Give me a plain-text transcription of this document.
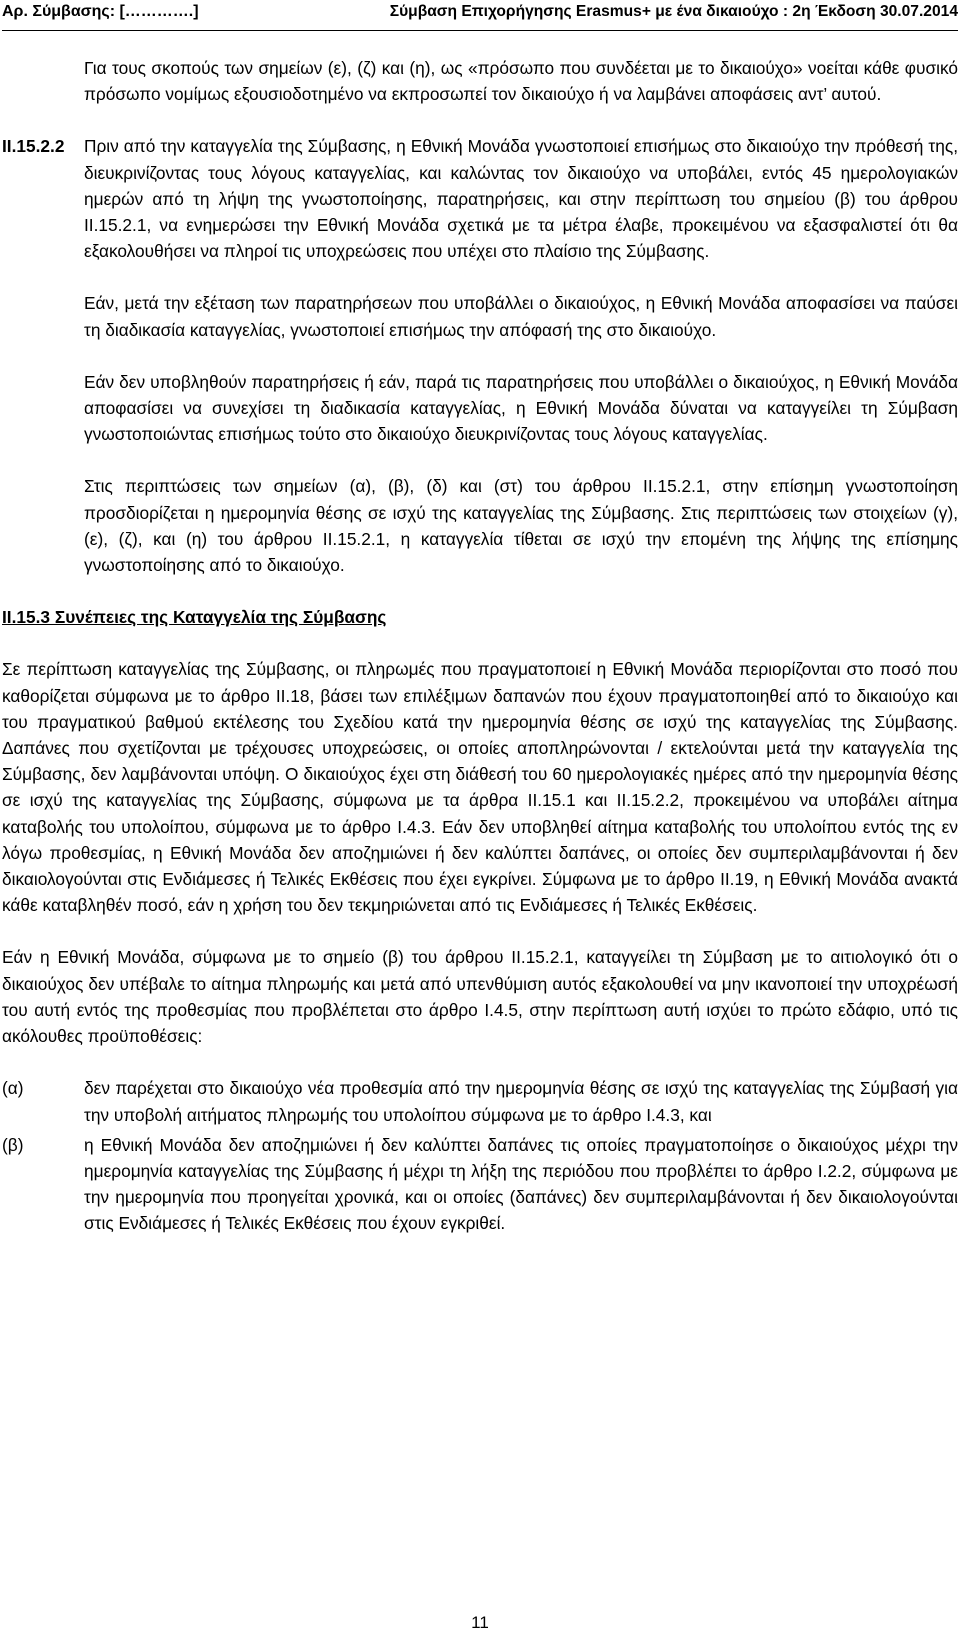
Αρ. Σύμβασης: [………….]	Σύμβαση Επιχορήγησης Erasmus+ με ένα δικαιούχο : 2η Έκδοση 30.07.2014

Για τους σκοπούς των σημείων (ε), (ζ) και (η), ως «πρόσωπο που συνδέεται με το δικαιούχο» νοείται κάθε φυσικό πρόσωπο νομίμως εξουσιοδοτημένο να εκπροσωπεί τον δικαιούχο ή να λαμβάνει αποφάσεις αντ’ αυτού.

II.15.2.2 Πριν από την καταγγελία της Σύμβασης, η Εθνική Μονάδα γνωστοποιεί επισήμως στο δικαιούχο την πρόθεσή της, διευκρινίζοντας τους λόγους καταγγελίας, και καλώντας τον δικαιούχο να υποβάλει, εντός 45 ημερολογιακών ημερών από τη λήψη της γνωστοποίησης, παρατηρήσεις, και στην περίπτωση του σημείου (β) του άρθρου II.15.2.1, να ενημερώσει την Εθνική Μονάδα σχετικά με τα μέτρα έλαβε, προκειμένου να εξασφαλιστεί ότι θα εξακολουθήσει να πληροί τις υποχρεώσεις που υπέχει στο πλαίσιο της Σύμβασης.

Εάν, μετά την εξέταση των παρατηρήσεων που υποβάλλει ο δικαιούχος, η Εθνική Μονάδα αποφασίσει να παύσει τη διαδικασία καταγγελίας, γνωστοποιεί επισήμως την απόφασή της στο δικαιούχο.

Εάν δεν υποβληθούν παρατηρήσεις ή εάν, παρά τις παρατηρήσεις που υποβάλλει ο δικαιούχος, η Εθνική Μονάδα αποφασίσει να συνεχίσει τη διαδικασία καταγγελίας, η Εθνική Μονάδα δύναται να καταγγείλει τη Σύμβαση γνωστοποιώντας επισήμως τούτο στο δικαιούχο διευκρινίζοντας τους λόγους καταγγελίας.

Στις περιπτώσεις των σημείων (α), (β), (δ) και (στ) του άρθρου II.15.2.1, στην επίσημη γνωστοποίηση προσδιορίζεται η ημερομηνία θέσης σε ισχύ της καταγγελίας της Σύμβασης. Στις περιπτώσεις των στοιχείων (γ), (ε), (ζ), και (η) του άρθρου II.15.2.1, η καταγγελία τίθεται σε ισχύ την επομένη της λήψης της επίσημης γνωστοποίησης από το δικαιούχο.

II.15.3 Συνέπειες της Καταγγελία της Σύμβασης

Σε περίπτωση καταγγελίας της Σύμβασης, οι πληρωμές που πραγματοποιεί η Εθνική Μονάδα περιορίζονται στο ποσό που καθορίζεται σύμφωνα με το άρθρο II.18, βάσει των επιλέξιμων δαπανών που έχουν πραγματοποιηθεί από το δικαιούχο και του πραγματικού βαθμού εκτέλεσης του Σχεδίου κατά την ημερομηνία θέσης σε ισχύ της καταγγελίας της Σύμβασης. Δαπάνες που σχετίζονται με τρέχουσες υποχρεώσεις, οι οποίες αποπληρώνονται / εκτελούνται μετά την καταγγελία της Σύμβασης, δεν λαμβάνονται υπόψη. Ο δικαιούχος έχει στη διάθεσή του 60 ημερολογιακές ημέρες από την ημερομηνία θέσης σε ισχύ της καταγγελίας της Σύμβασης, σύμφωνα με τα άρθρα II.15.1 και II.15.2.2, προκειμένου να υποβάλει αίτημα καταβολής του υπολοίπου, σύμφωνα με το άρθρο I.4.3. Εάν δεν υποβληθεί αίτημα καταβολής του υπολοίπου εντός της εν λόγω προθεσμίας, η Εθνική Μονάδα δεν αποζημιώνει ή δεν καλύπτει δαπάνες, οι οποίες δεν συμπεριλαμβάνονται ή δεν δικαιολογούνται στις Ενδιάμεσες ή Τελικές Εκθέσεις που έχει εγκρίνει. Σύμφωνα με το άρθρο II.19, η Εθνική Μονάδα ανακτά κάθε καταβληθέν ποσό, εάν η χρήση του δεν τεκμηριώνεται από τις Ενδιάμεσες ή Τελικές Εκθέσεις.

Εάν η Εθνική Μονάδα, σύμφωνα με το σημείο (β) του άρθρου II.15.2.1, καταγγείλει τη Σύμβαση με το αιτιολογικό ότι ο δικαιούχος δεν υπέβαλε το αίτημα πληρωμής και μετά από υπενθύμιση αυτός εξακολουθεί να μην ικανοποιεί την υποχρέωσή του αυτή εντός της προθεσμίας που προβλέπεται στο άρθρο I.4.5, στην περίπτωση αυτή ισχύει το πρώτο εδάφιο, υπό τις ακόλουθες προϋποθέσεις:

(α)	δεν παρέχεται στο δικαιούχο νέα προθεσμία από την ημερομηνία θέσης σε ισχύ της καταγγελίας της Σύμβασή για την υποβολή αιτήματος πληρωμής του υπολοίπου σύμφωνα με το άρθρο I.4.3, και
(β)	η Εθνική Μονάδα δεν αποζημιώνει ή δεν καλύπτει δαπάνες τις οποίες πραγματοποίησε ο δικαιούχος μέχρι την ημερομηνία καταγγελίας της Σύμβασης ή μέχρι τη λήξη της περιόδου που προβλέπει το άρθρο I.2.2, σύμφωνα με την ημερομηνία που προηγείται χρονικά, και οι οποίες (δαπάνες) δεν συμπεριλαμβάνονται ή δεν δικαιολογούνται στις Ενδιάμεσες ή Τελικές Εκθέσεις που έχουν εγκριθεί.
11
